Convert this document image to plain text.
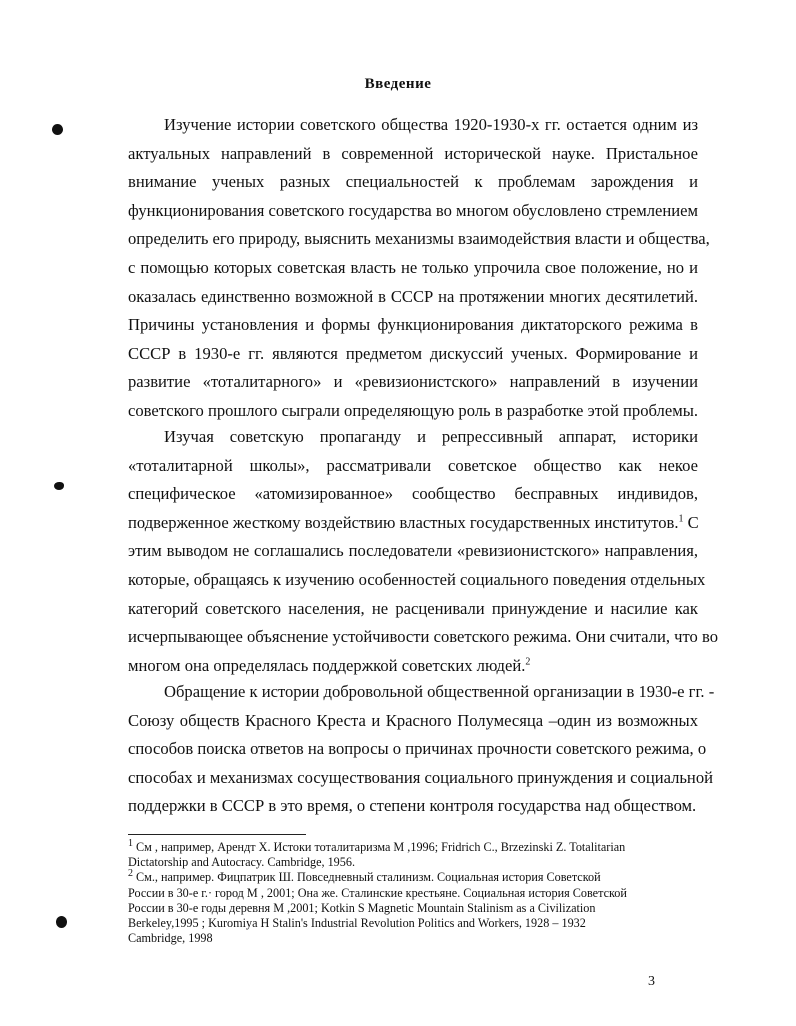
Введение
Изучение истории советского общества 1920-1930-х гг. остается одним из
актуальных направлений в современной исторической науке. Пристальное
внимание ученых разных специальностей к проблемам зарождения и
функционирования советского государства во многом обусловлено стремлением
определить его природу, выяснить механизмы взаимодействия власти и общества,
с помощью которых советская власть не только упрочила свое положение, но и
оказалась единственно возможной в СССР на протяжении многих десятилетий.
Причины установления и формы функционирования диктаторского режима в
СССР в 1930-е гг. являются предметом дискуссий ученых. Формирование и
развитие «тоталитарного» и «ревизионистского» направлений в изучении
советского прошлого сыграли определяющую роль в разработке этой проблемы.
Изучая советскую пропаганду и репрессивный аппарат, историки
«тоталитарной школы», рассматривали советское общество как некое
специфическое «атомизированное» сообщество бесправных индивидов,
подверженное жесткому воздействию властных государственных институтов.$^1$ С
этим выводом не соглашались последователи «ревизионистского» направления,
которые, обращаясь к изучению особенностей социального поведения отдельных
категорий советского населения, не расценивали принуждение и насилие как
исчерпывающее объяснение устойчивости советского режима. Они считали, что во
многом она определялась поддержкой советских людей.$^2$
Обращение к истории добровольной общественной организации в 1930-е гг. -
Союзу обществ Красного Креста и Красного Полумесяца –один из возможных
способов поиска ответов на вопросы о причинах прочности советского режима, о
способах и механизмах сосуществования социального принуждения и социальной
поддержки в СССР в это время, о степени контроля государства над обществом.
$^1$ См , например, Арендт Х. Истоки тоталитаризма М ,1996; Fridrich C., Brzezinski Z. Totalitarian
Dictatorship and Autocracy. Cambridge, 1956.
$^2$ См., например. Фицпатрик Ш. Повседневный сталинизм. Социальная история Советской
России в 30-е г.· город М , 2001; Она же. Сталинские крестьяне. Социальная история Советской
России в 30-е годы деревня М ,2001; Kotkin S Magnetic Mountain Stalinism as a Civilization
Berkeley,1995 ; Kuromiya H Stalin's Industrial Revolution Politics and Workers, 1928 – 1932
Cambridge, 1998
3
